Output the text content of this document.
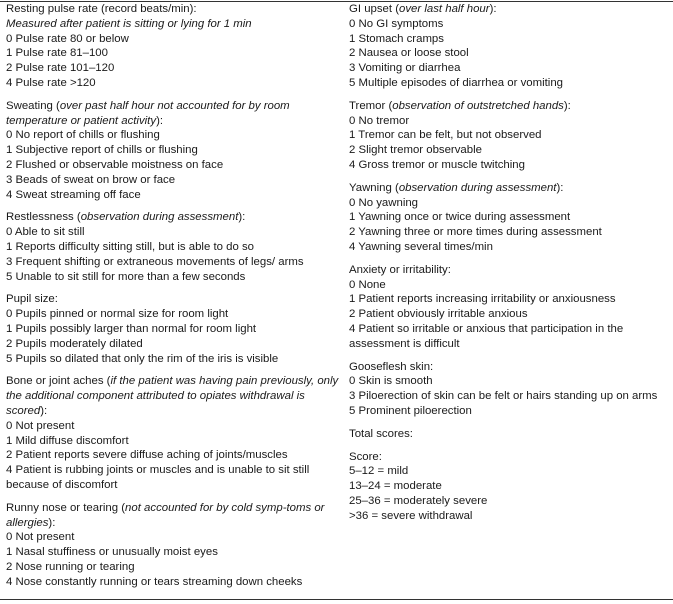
Resting pulse rate (record beats/min):
Measured after patient is sitting or lying for 1 min
0 Pulse rate 80 or below
1 Pulse rate 81–100
2 Pulse rate 101–120
4 Pulse rate >120
Sweating (over past half hour not accounted for by room temperature or patient activity):
0 No report of chills or flushing
1 Subjective report of chills or flushing
2 Flushed or observable moistness on face
3 Beads of sweat on brow or face
4 Sweat streaming off face
Restlessness (observation during assessment):
0 Able to sit still
1 Reports difficulty sitting still, but is able to do so
3 Frequent shifting or extraneous movements of legs/ arms
5 Unable to sit still for more than a few seconds
Pupil size:
0 Pupils pinned or normal size for room light
1 Pupils possibly larger than normal for room light
2 Pupils moderately dilated
5 Pupils so dilated that only the rim of the iris is visible
Bone or joint aches (if the patient was having pain previously, only the additional component attributed to opiates withdrawal is scored):
0 Not present
1 Mild diffuse discomfort
2 Patient reports severe diffuse aching of joints/muscles
4 Patient is rubbing joints or muscles and is unable to sit still because of discomfort
Runny nose or tearing (not accounted for by cold symp-toms or allergies):
0 Not present
1 Nasal stuffiness or unusually moist eyes
2 Nose running or tearing
4 Nose constantly running or tears streaming down cheeks
GI upset (over last half hour):
0 No GI symptoms
1 Stomach cramps
2 Nausea or loose stool
3 Vomiting or diarrhea
5 Multiple episodes of diarrhea or vomiting
Tremor (observation of outstretched hands):
0 No tremor
1 Tremor can be felt, but not observed
2 Slight tremor observable
4 Gross tremor or muscle twitching
Yawning (observation during assessment):
0 No yawning
1 Yawning once or twice during assessment
2 Yawning three or more times during assessment
4 Yawning several times/min
Anxiety or irritability:
0 None
1 Patient reports increasing irritability or anxiousness
2 Patient obviously irritable anxious
4 Patient so irritable or anxious that participation in the assessment is difficult
Gooseflesh skin:
0 Skin is smooth
3 Piloerection of skin can be felt or hairs standing up on arms
5 Prominent piloerection
Total scores:
Score:
5–12 = mild
13–24 = moderate
25–36 = moderately severe
>36 = severe withdrawal
